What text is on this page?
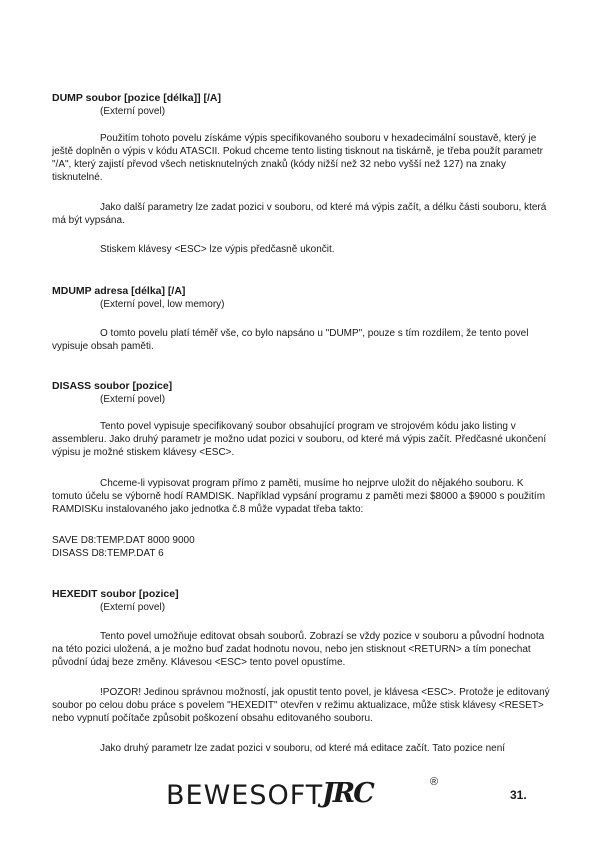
DUMP soubor [pozice [délka]] [/A]
(Externí povel)
Použitím tohoto povelu získáme výpis specifikovaného souboru v hexadecimální soustavě, který je ještě doplněn o výpis v kódu ATASCII. Pokud chceme tento listing tisknout na tiskárně, je třeba použít parametr "/A", který zajistí převod všech netisknutelných znaků (kódy nižší než 32 nebo vyšší než 127) na znaky tisknutelné.
Jako další parametry lze zadat pozici v souboru, od které má výpis začít, a délku části souboru, která má být vypsána.
Stiskem klávesy <ESC> lze výpis předčasně ukončit.
MDUMP adresa [délka] [/A]
(Externí povel, low memory)
O tomto povelu platí téměř vše, co bylo napsáno u "DUMP", pouze s tím rozdílem, že tento povel vypisuje obsah paměti.
DISASS soubor [pozice]
(Externí povel)
Tento povel vypisuje specifikovaný soubor obsahující program ve strojovém kódu jako listing v assembleru. Jako druhý parametr je možno udat pozici v souboru, od které má výpis začít. Předčasné ukončení výpisu je možné stiskem klávesy <ESC>.
Chceme-li vypisovat program přímo z paměti, musíme ho nejprve uložit do nějakého souboru. K tomuto účelu se výborně hodí RAMDISK. Například vypsání programu z paměti mezi $8000 a $9000 s použitím RAMDISKu instalovaného jako jednotka č.8 může vypadat třeba takto:
SAVE D8:TEMP.DAT 8000 9000
DISASS D8:TEMP.DAT 6
HEXEDIT soubor [pozice]
(Externí povel)
Tento povel umožňuje editovat obsah souborů. Zobrazí se vždy pozice v souboru a původní hodnota na této pozici uložená, a je možno buď zadat hodnotu novou, nebo jen stisknout <RETURN> a tím ponechat původní údaj beze změny. Klávesou <ESC> tento povel opustíme.
!POZOR! Jedinou správnou možností, jak opustit tento povel, je klávesa <ESC>. Protože je editovaný soubor po celou dobu práce s povelem "HEXEDIT" otevřen v režimu aktualizace, může stisk klávesy <RESET> nebo vypnutí počítače způsobit poškození obsahu editovaného souboru.
Jako druhý parametr lze zadat pozici v souboru, od které má editace začít. Tato pozice není
BEWESOFT
JRC	®
31.
